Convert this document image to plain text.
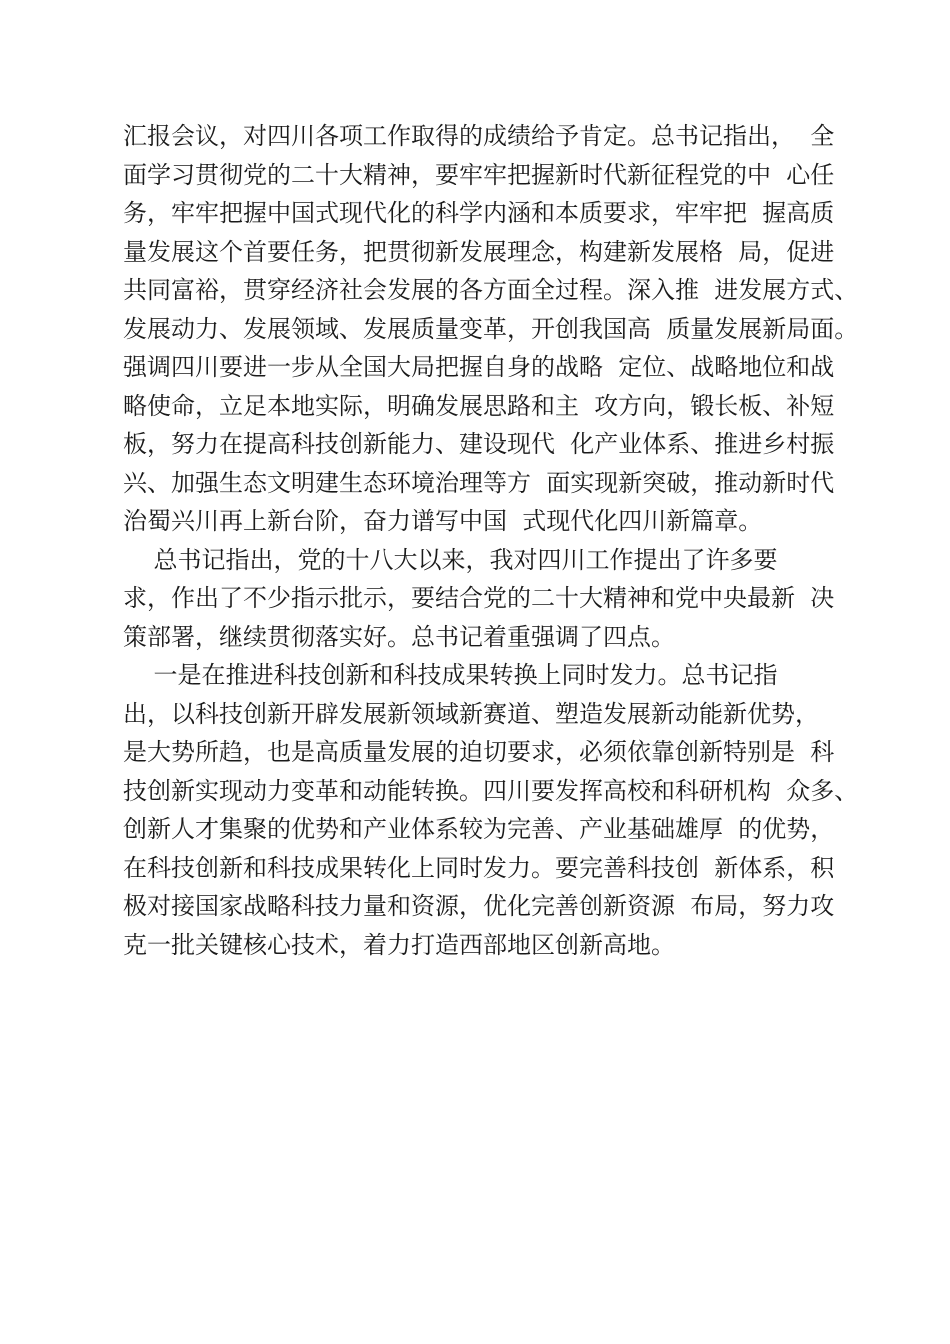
汇报会议，对四川各项工作取得的成绩给予肯定。总书记指出，  全
面学习贯彻党的二十大精神，要牢牢把握新时代新征程党的中  心任
务，牢牢把握中国式现代化的科学内涵和本质要求，牢牢把  握高质
量发展这个首要任务，把贯彻新发展理念，构建新发展格  局，促进
共同富裕，贯穿经济社会发展的各方面全过程。深入推  进发展方式、
发展动力、发展领域、发展质量变革，开创我国高  质量发展新局面。
强调四川要进一步从全国大局把握自身的战略  定位、战略地位和战
略使命，立足本地实际，明确发展思路和主  攻方向，锻长板、补短
板，努力在提高科技创新能力、建设现代  化产业体系、推进乡村振
兴、加强生态文明建生态环境治理等方  面实现新突破，推动新时代
治蜀兴川再上新台阶，奋力谱写中国  式现代化四川新篇章。
总书记指出，党的十八大以来，我对四川工作提出了许多要
求，作出了不少指示批示，要结合党的二十大精神和党中央最新  决
策部署，继续贯彻落实好。总书记着重强调了四点。
一是在推进科技创新和科技成果转换上同时发力。总书记指
出，以科技创新开辟发展新领域新赛道、塑造发展新动能新优势，
是大势所趋，也是高质量发展的迫切要求，必须依靠创新特别是  科
技创新实现动力变革和动能转换。四川要发挥高校和科研机构  众多、
创新人才集聚的优势和产业体系较为完善、产业基础雄厚  的优势，
在科技创新和科技成果转化上同时发力。要完善科技创  新体系，积
极对接国家战略科技力量和资源，优化完善创新资源  布局，努力攻
克一批关键核心技术，着力打造西部地区创新高地。
